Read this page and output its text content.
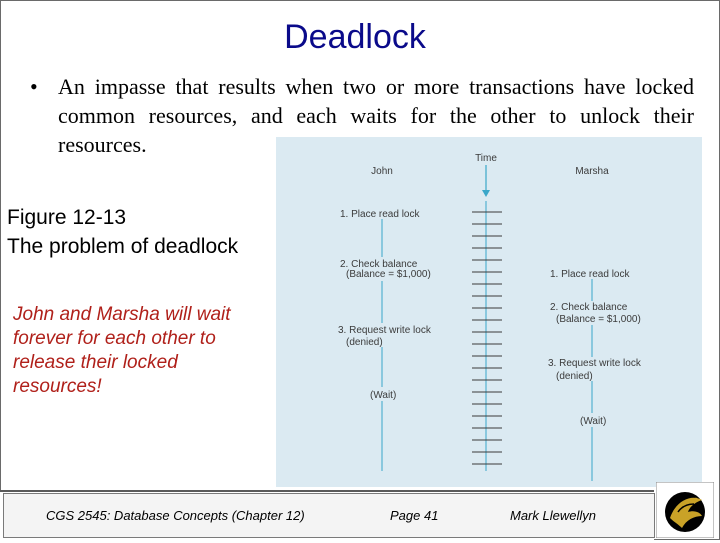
Deadlock
• An impasse that results when two or more transactions have locked common resources, and each waits for the other to unlock their resources.
Figure 12-13
The problem of deadlock
John and Marsha will wait forever for each other to release their locked resources!
John
Time
Marsha
1. Place read lock
2. Check balance
(Balance = $1,000)
3. Request write lock
(denied)
(Wait)
1. Place read lock
2. Check balance
(Balance = $1,000)
3. Request write lock
(denied)
(Wait)
CGS 2545: Database Concepts (Chapter 12)	Page 41	Mark Llewellyn
